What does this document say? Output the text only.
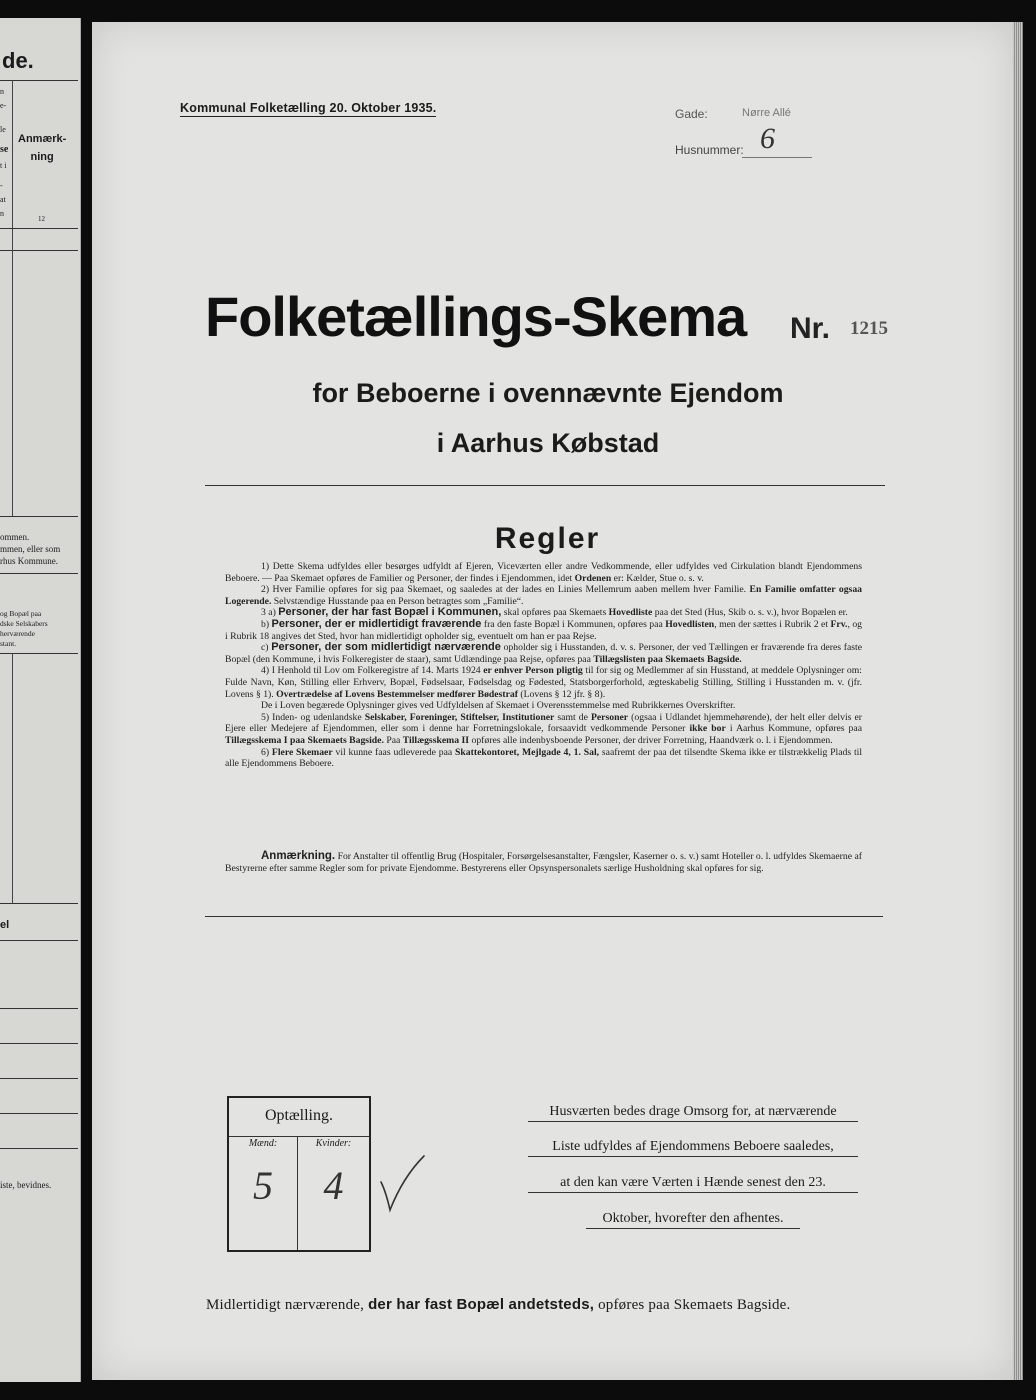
de.
n
e-
le
se
t i
-
at
n
Anmærk-
ning
12
ommen.
mmen, eller som
rhus Kommune.
og Bopæl paa
dske Selskabers
herværende
stant.
el
iste, bevidnes.
Kommunal Folketælling 20. Oktober 1935.	Gade:	Nørre Allé
Husnummer: 6
Folketællings-Skema Nr. 1215
for Beboerne i ovennævnte Ejendom
i Aarhus Købstad
Regler

1) Dette Skema udfyldes eller besørges udfyldt af Ejeren, Viceværten eller andre Vedkommende, eller udfyldes ved Cirkulation blandt Ejendommens Beboere. — Paa Skemaet opføres de Familier og Personer, der findes i Ejendommen, idet Ordenen er: Kælder, Stue o. s. v.

2) Hver Familie opføres for sig paa Skemaet, og saaledes at der lades en Linies Mellemrum aaben mellem hver Familie. En Familie omfatter ogsaa Logerende. Selvstændige Husstande paa en Person betragtes som „Familie“.

3 a) Personer, der har fast Bopæl i Kommunen, skal opføres paa Skemaets Hovedliste paa det Sted (Hus, Skib o. s. v.), hvor Bopælen er.

b) Personer, der er midlertidigt fraværende fra den faste Bopæl i Kommunen, opføres paa Hovedlisten, men der sættes i Rubrik 2 et Frv., og i Rubrik 18 angives det Sted, hvor han midlertidigt opholder sig, eventuelt om han er paa Rejse.

c) Personer, der som midlertidigt nærværende opholder sig i Husstanden, d. v. s. Personer, der ved Tællingen er fraværende fra deres faste Bopæl (den Kommune, i hvis Folkeregister de staar), samt Udlændinge paa Rejse, opføres paa Tillægslisten paa Skemaets Bagside.

4) I Henhold til Lov om Folkeregistre af 14. Marts 1924 er enhver Person pligtig til for sig og Medlemmer af sin Husstand, at meddele Oplysninger om: Fulde Navn, Køn, Stilling eller Erhverv, Bopæl, Fødselsaar, Fødselsdag og Fødested, Statsborgerforhold, ægteskabelig Stilling, Stilling i Husstanden m. v. (jfr. Lovens § 1). Overtrædelse af Lovens Bestemmelser medfører Bødestraf (Lovens § 12 jfr. § 8).

De i Loven begærede Oplysninger gives ved Udfyldelsen af Skemaet i Overensstemmelse med Rubrikkernes Overskrifter.

5) Inden- og udenlandske Selskaber, Foreninger, Stiftelser, Institutioner samt de Personer (ogsaa i Udlandet hjemmehørende), der helt eller delvis er Ejere eller Medejere af Ejendommen, eller som i denne har Forretningslokale, forsaavidt vedkommende Personer ikke bor i Aarhus Kommune, opføres paa Tillægsskema I paa Skemaets Bagside. Paa Tillægsskema II opføres alle indenbysboende Personer, der driver Forretning, Haandværk o. l. i Ejendommen.

6) Flere Skemaer vil kunne faas udleverede paa Skattekontoret, Mejlgade 4, 1. Sal, saafremt der paa det tilsendte Skema ikke er tilstrækkelig Plads til alle Ejendommens Beboere.

Anmærkning. For Anstalter til offentlig Brug (Hospitaler, Forsørgelsesanstalter, Fængsler, Kaserner o. s. v.) samt Hoteller o. l. udfyldes Skemaerne af Bestyrerne efter samme Regler som for private Ejendomme. Bestyrerens eller Opsynspersonalets særlige Husholdning skal opføres for sig.
Optælling.
Mænd:	Kvinder:
5	4
Husværten bedes drage Omsorg for, at nærværende
Liste udfyldes af Ejendommens Beboere saaledes,
at den kan være Værten i Hænde senest den 23.
Oktober, hvorefter den afhentes.
Midlertidigt nærværende, der har fast Bopæl andetsteds, opføres paa Skemaets Bagside.
